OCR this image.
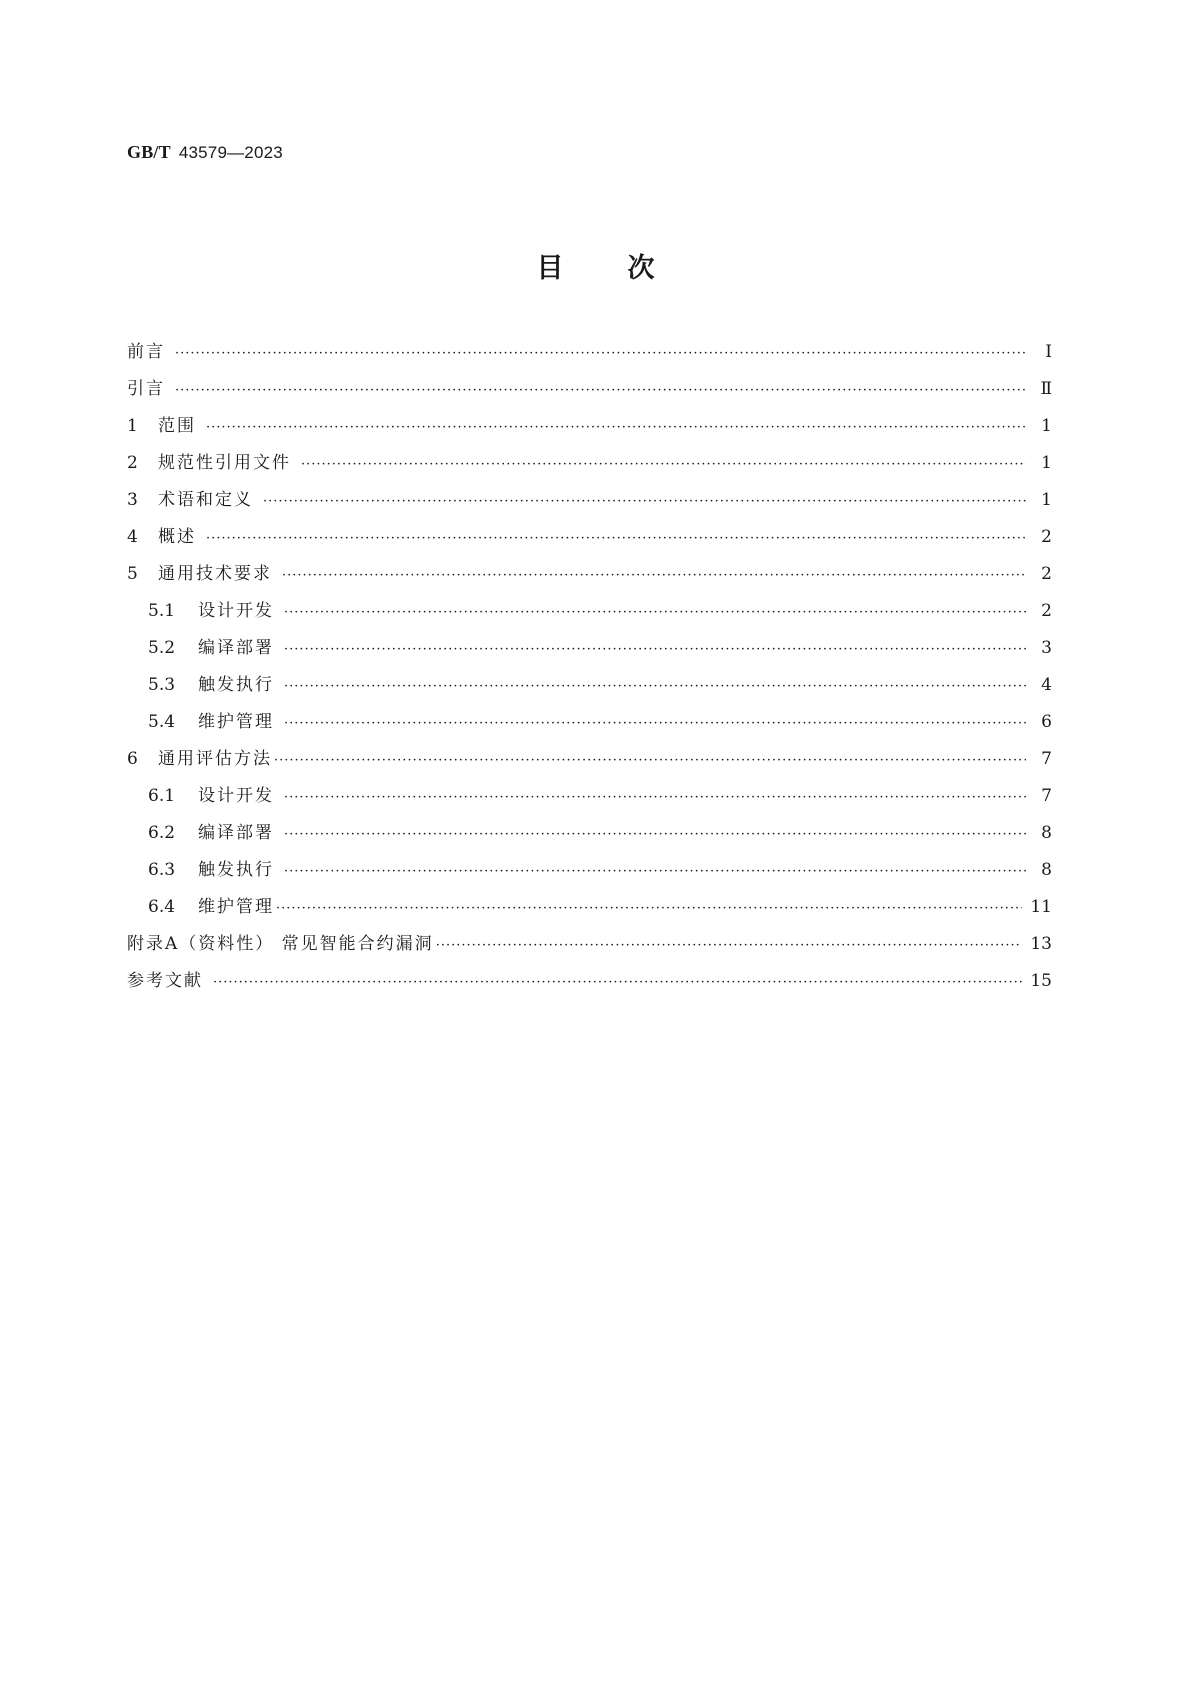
GB/T 43579—2023
目 次
前言 ·····	Ⅰ
引言 ·····	Ⅱ
1	范围 ·····	1
2	规范性引用文件 ·····	1
3	术语和定义 ·····	1
4	概述 ·····	2
5	通用技术要求 ·····	2
5.1	设计开发 ·····	2
5.2	编译部署 ·····	3
5.3	触发执行 ·····	4
5.4	维护管理 ·····	6
6	通用评估方法 ·····	7
6.1	设计开发 ·····	7
6.2	编译部署 ·····	8
6.3	触发执行 ·····	8
6.4	维护管理 ·····	11
附录A（资料性） 常见智能合约漏洞 ·····	13
参考文献 ·····	15
